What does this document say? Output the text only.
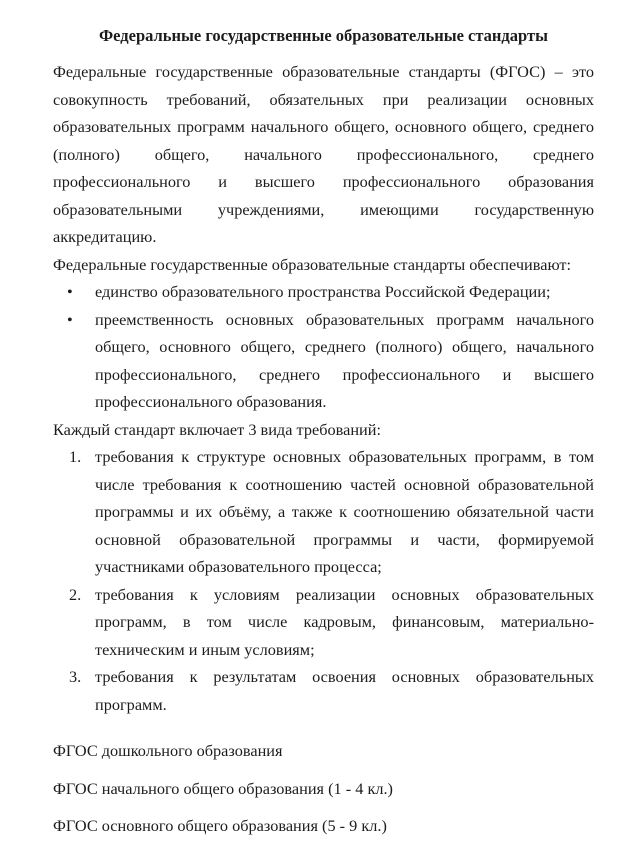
Федеральные государственные образовательные стандарты

Федеральные государственные образовательные стандарты (ФГОС) – это совокупность требований, обязательных при реализации основных образовательных программ начального общего, основного общего, среднего (полного) общего, начального профессионального, среднего профессионального и высшего профессионального образования образовательными учреждениями, имеющими государственную аккредитацию.

Федеральные государственные образовательные стандарты обеспечивают:

• единство образовательного пространства Российской Федерации;
• преемственность основных образовательных программ начального общего, основного общего, среднего (полного) общего, начального профессионального, среднего профессионального и высшего профессионального образования.

Каждый стандарт включает 3 вида требований:

1. требования к структуре основных образовательных программ, в том числе требования к соотношению частей основной образовательной программы и их объёму, а также к соотношению обязательной части основной образовательной программы и части, формируемой участниками образовательного процесса;
2. требования к условиям реализации основных образовательных программ, в том числе кадровым, финансовым, материально-техническим и иным условиям;
3. требования к результатам освоения основных образовательных программ.

ФГОС дошкольного образования

ФГОС начального общего образования (1 - 4 кл.)

ФГОС основного общего образования (5 - 9 кл.)
